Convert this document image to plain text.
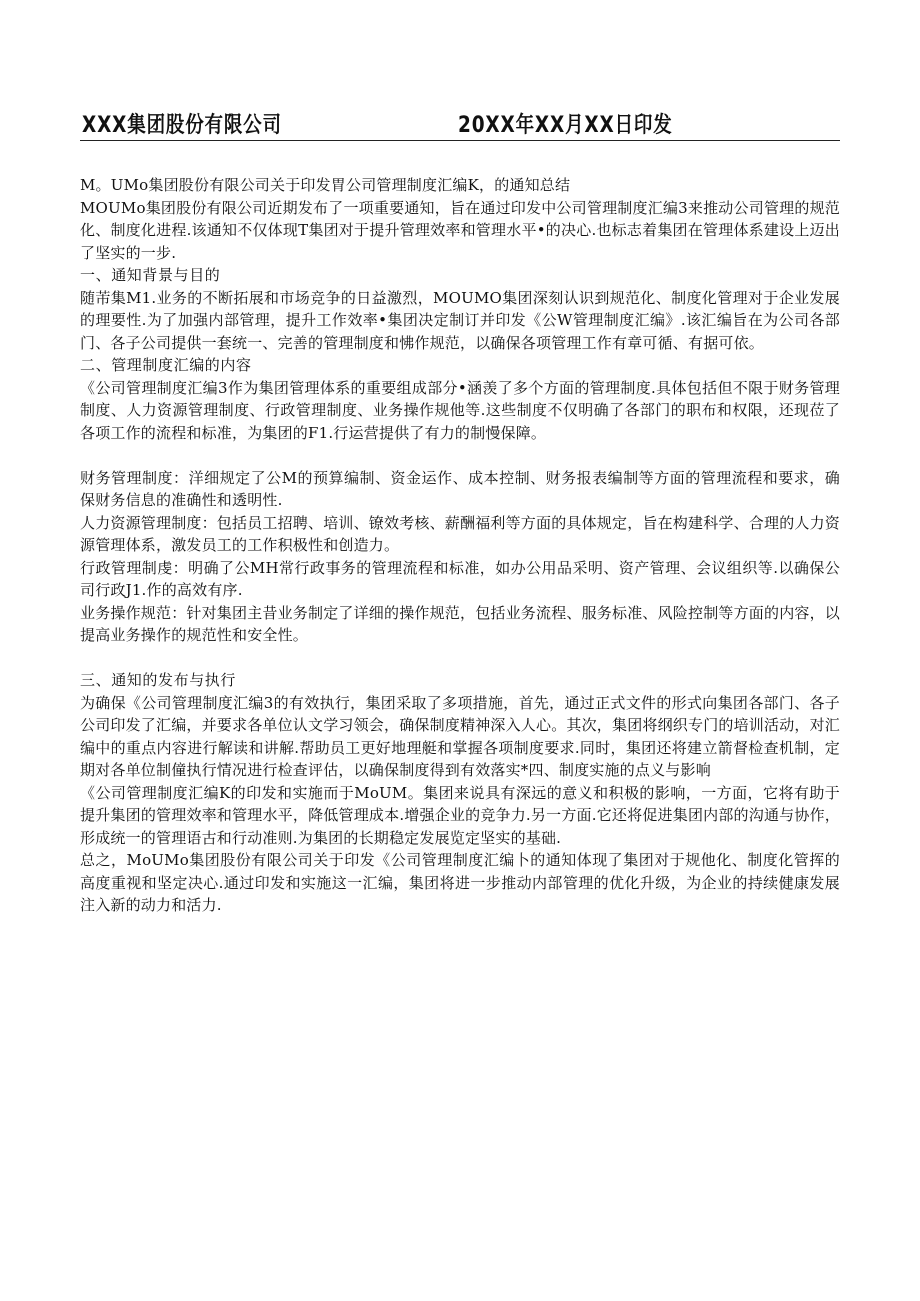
XXX集团股份有限公司	20XX年XX月XX日印发

M。UMo集团股份有限公司关于印发胃公司管理制度汇编K，的通知总结

MOUMo集团股份有限公司近期发布了一项重要通知，旨在通过印发中公司管理制度汇编3来推动公司管理的规范化、制度化进程.该通知不仅体现T集团对于提升管理效率和管理水平•的决心.也标志着集团在管理体系建设上迈出了坚实的一步.

一、通知背景与目的

随芾集M1.业务的不断拓展和市场竞争的日益激烈，MOUMO集团深刻认识到规范化、制度化管理对于企业发展的理要性.为了加强内部管理，提升工作效率•集团决定制订并印发《公W管理制度汇编》.该汇编旨在为公司各部门、各子公司提供一套统一、完善的管理制度和怫作规范，以确保各项管理工作有章可循、有据可依。

二、管理制度汇编的内容

《公司管理制度汇编3作为集团管理体系的重要组成部分•涵羡了多个方面的管理制度.具体包括但不限于财务管理制度、人力资源管理制度、行政管理制度、业务操作规他等.这些制度不仅明确了各部门的职布和权限，还现莅了各项工作的流程和标准，为集团的F1.行运营提供了有力的制慢保障。

财务管理制度：洋细规定了公M的预算编制、资金运作、成本控制、财务报表编制等方面的管理流程和要求，确保财务信息的准确性和透明性.

人力资源管理制度：包括员工招聘、培训、镣效考核、薪酬福利等方面的具体规定，旨在构建科学、合理的人力资源管理体系，激发员工的工作积极性和创造力。

行政管理制虔：明确了公MH常行政事务的管理流程和标准，如办公用品采明、资产管理、会议组织等.以确保公司行政J1.作的高效有序.

业务操作规范：针对集团主昔业务制定了详细的操作规范，包括业务流程、服务标准、风险控制等方面的内容，以提高业务操作的规范性和安全性。

三、通知的发布与执行

为确保《公司管理制度汇编3的有效执行，集团采取了多项措施，首先，通过正式文件的形式向集团各部门、各子公司印发了汇编，并要求各单位认文学习领会，确保制度精神深入人心。其次，集团将纲织专门的培训活动，对汇编中的重点内容进行解读和讲解.帮助员工更好地理艇和掌握各项制度要求.同时，集团还将建立箭督检查机制，定期对各单位制僮执行情况进行检查评估，以确保制度得到有效落实*四、制度实施的点义与影响

《公司管理制度汇编K的印发和实施而于MoUM。集团来说具有深远的意义和积极的影响，一方面，它将有助于提升集团的管理效率和管理水平，降低管理成本.增强企业的竞争力.另一方面.它还将促进集团内部的沟通与协作，形成统一的管理语古和行动准则.为集团的长期稳定发展览定坚实的基础.

总之，MoUMo集团股份有限公司关于印发《公司管理制度汇编卜的通知体现了集团对于规他化、制度化管挥的高度重视和坚定决心.通过印发和实施这一汇编，集团将进一步推动内部管理的优化升级，为企业的持续健康发展注入新的动力和活力.
